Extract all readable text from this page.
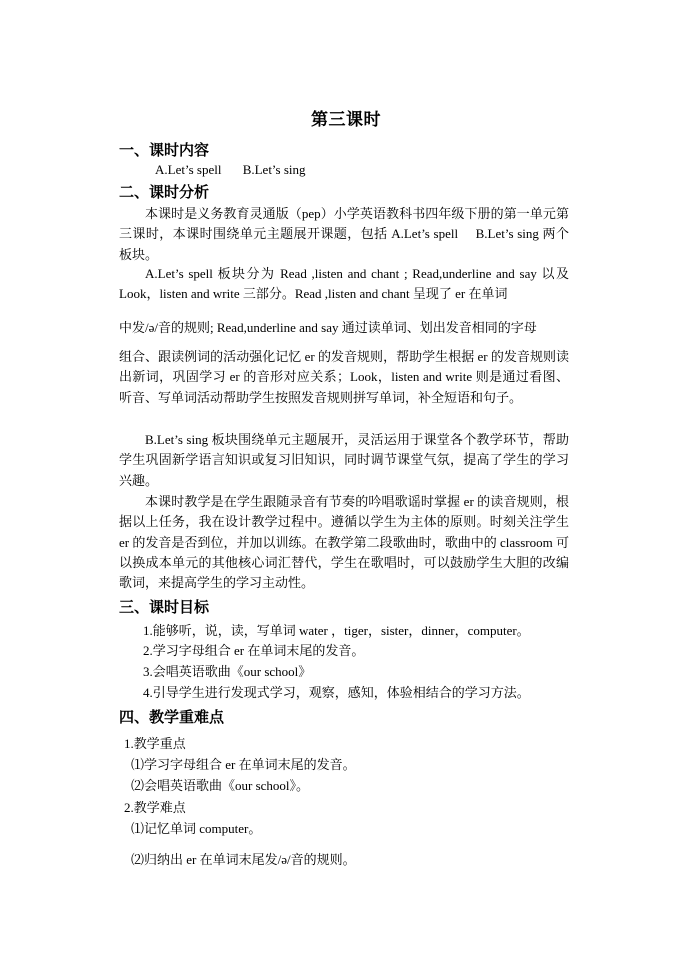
第三课时
一、课时内容
A.Let’s spell B.Let’s sing
二、课时分析
本课时是义务教育灵通版（pep）小学英语教科书四年级下册的第一单元第三课时，本课时围绕单元主题展开课题，包括 A.Let’s spell　 B.Let’s sing 两个板块。
A.Let’s spell 板块分为 Read ,listen and chant ; Read,underline and say 以及 Look，listen and write 三部分。Read ,listen and chant 呈现了 er 在单词
中发/ə/音的规则; Read,underline and say 通过读单词、划出发音相同的字母
组合、跟读例词的活动强化记忆 er 的发音规则，帮助学生根据 er 的发音规则读出新词，巩固学习 er 的音形对应关系；Look，listen and write 则是通过看图、听音、写单词活动帮助学生按照发音规则拼写单词，补全短语和句子。
B.Let’s sing 板块围绕单元主题展开，灵活运用于课堂各个教学环节，帮助学生巩固新学语言知识或复习旧知识，同时调节课堂气氛，提高了学生的学习兴趣。
本课时教学是在学生跟随录音有节奏的吟唱歌谣时掌握 er 的读音规则，根据以上任务，我在设计教学过程中。遵循以学生为主体的原则。时刻关注学生 er 的发音是否到位，并加以训练。在教学第二段歌曲时，歌曲中的 classroom 可以换成本单元的其他核心词汇替代，学生在歌唱时，可以鼓励学生大胆的改编歌词，来提高学生的学习主动性。
三、课时目标
1.能够听，说，读，写单词 water ，tiger，sister，dinner，computer。
2.学习字母组合 er 在单词末尾的发音。
3.会唱英语歌曲《our school》
4.引导学生进行发现式学习，观察，感知，体验相结合的学习方法。
四、教学重难点
1.教学重点
⑴学习字母组合 er 在单词末尾的发音。
⑵会唱英语歌曲《our school》。
2.教学难点
⑴记忆单词 computer。
⑵归纳出 er 在单词末尾发/ə/音的规则。
